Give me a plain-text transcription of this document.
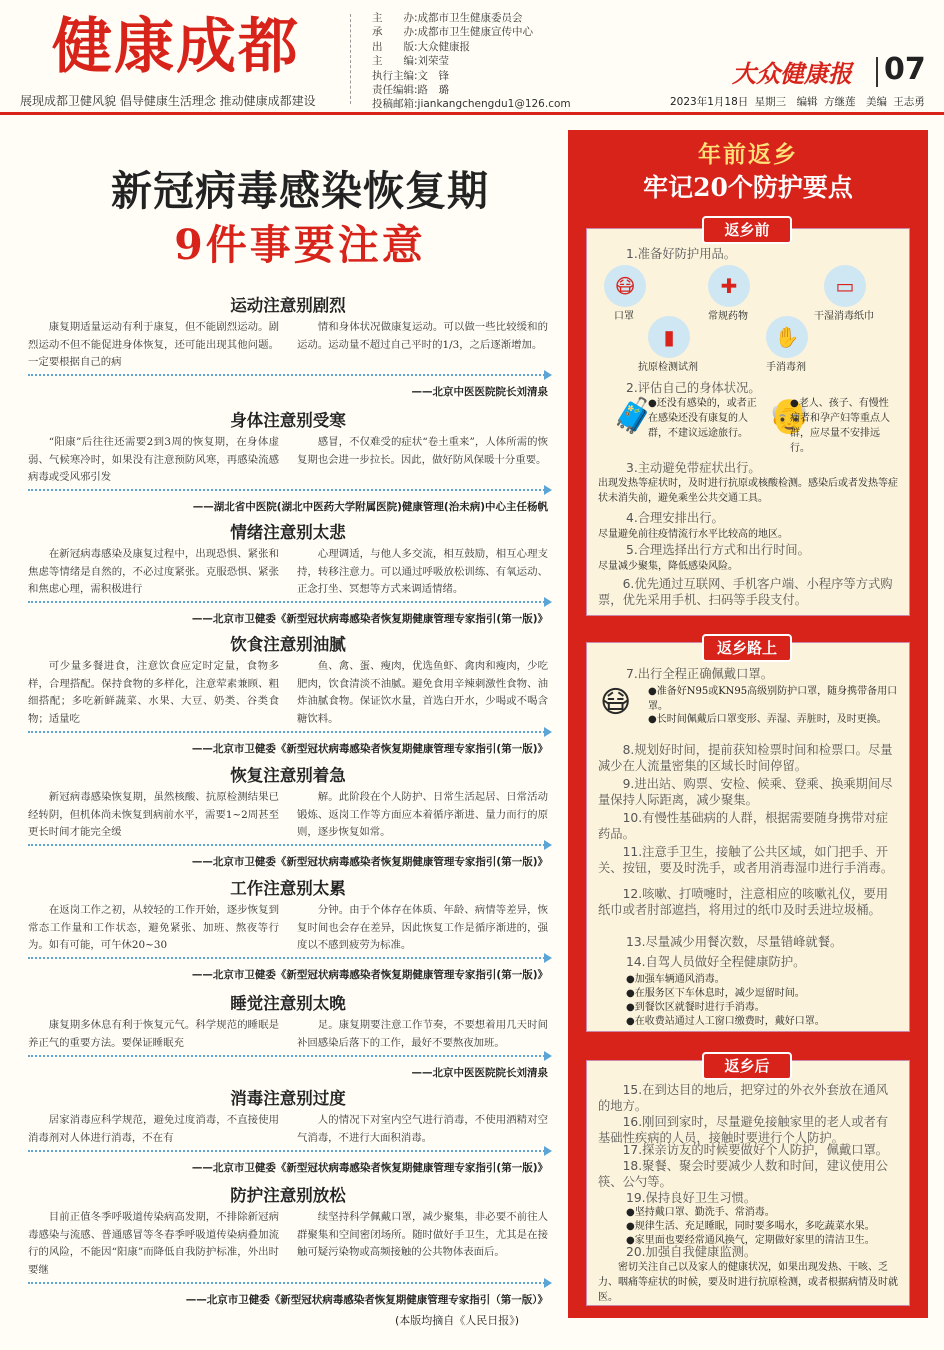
健康成都
展现成都卫健风貌 倡导健康生活理念 推动健康成都建设
主　　办:成都市卫生健康委员会
承　　办:成都市卫生健康宣传中心
出　　版:大众健康报
主　　编:刘荣莹
执行主编:文　锋
责任编辑:路　璐
投稿邮箱:jiankangchengdu1@126.com
大众健康报 07
2023年1月18日 星期三　编辑 方继莲　美编 王志勇
新冠病毒感染恢复期
9件事要注意
运动注意别剧烈

康复期适量运动有利于康复，但不能剧烈运动。剧烈运动不但不能促进身体恢复，还可能出现其他问题。一定要根据自己的病

情和身体状况做康复运动。可以做一些比较缓和的运动。运动量不超过自己平时的1/3，之后逐渐增加。

——北京中医医院院长刘清泉
身体注意别受寒

“阳康”后往往还需要2到3周的恢复期，在身体虚弱、气候寒冷时，如果没有注意预防风寒，再感染流感病毒或受风邪引发

感冒，不仅难受的症状“卷土重来”，人体所需的恢复期也会进一步拉长。因此，做好防风保暖十分重要。

——湖北省中医院(湖北中医药大学附属医院)健康管理(治未病)中心主任杨帆
情绪注意别太悲

在新冠病毒感染及康复过程中，出现恐惧、紧张和焦虑等情绪是自然的，不必过度紧张。克服恐惧、紧张和焦虑心理，需积极进行

心理调适，与他人多交流，相互鼓励，相互心理支持，转移注意力。可以通过呼吸放松训练、有氧运动、正念打坐、冥想等方式来调适情绪。

——北京市卫健委《新型冠状病毒感染者恢复期健康管理专家指引(第一版)》
饮食注意别油腻

可少量多餐进食，注意饮食应定时定量，食物多样，合理搭配。保持食物的多样化，注意荤素兼顾、粗细搭配；多吃新鲜蔬菜、水果、大豆、奶类、谷类食物；适量吃

鱼、禽、蛋、瘦肉，优选鱼虾、禽肉和瘦肉，少吃肥肉，饮食清淡不油腻。避免食用辛辣刺激性食物、油炸油腻食物。保证饮水量，首选白开水，少喝或不喝含糖饮料。

——北京市卫健委《新型冠状病毒感染者恢复期健康管理专家指引(第一版)》
恢复注意别着急

新冠病毒感染恢复期，虽然核酸、抗原检测结果已经转阴，但机体尚未恢复到病前水平，需要1~2周甚至更长时间才能完全缓

解。此阶段在个人防护、日常生活起居、日常活动锻炼、返岗工作等方面应本着循序渐进、量力而行的原则，逐步恢复如常。

——北京市卫健委《新型冠状病毒感染者恢复期健康管理专家指引(第一版)》
工作注意别太累

在返岗工作之初，从较轻的工作开始，逐步恢复到常态工作量和工作状态，避免紧张、加班、熬夜等行为。如有可能，可午休20~30

分钟。由于个体存在体质、年龄、病情等差异，恢复时间也会存在差异，因此恢复工作是循序渐进的，强度以不感到疲劳为标准。

——北京市卫健委《新型冠状病毒感染者恢复期健康管理专家指引(第一版)》
睡觉注意别太晚

康复期多休息有利于恢复元气。科学规范的睡眠是养正气的重要方法。要保证睡眠充

足。康复期要注意工作节奏，不要想着用几天时间补回感染后落下的工作，最好不要熬夜加班。

——北京中医医院院长刘清泉
消毒注意别过度

居家消毒应科学规范，避免过度消毒，不直接使用消毒剂对人体进行消毒，不在有

人的情况下对室内空气进行消毒，不使用酒精对空气消毒，不进行大面积消毒。

——北京市卫健委《新型冠状病毒感染者恢复期健康管理专家指引(第一版)》
防护注意别放松

目前正值冬季呼吸道传染病高发期，不排除新冠病毒感染与流感、普通感冒等冬春季呼吸道传染病叠加流行的风险，不能因“阳康”而降低自我防护标准，外出时要继

续坚持科学佩戴口罩，减少聚集，非必要不前往人群聚集和空间密闭场所。随时做好手卫生，尤其是在接触可疑污染物或高频接触的公共物体表面后。

——北京市卫健委《新型冠状病毒感染者恢复期健康管理专家指引（第一版）》
(本版均摘自《人民日报》)
年前返乡
牢记20个防护要点
返乡前
1.准备好防护用品。
😷
口罩
✚
常规药物
▭
干湿消毒纸巾
▮
抗原检测试剂
✋
手消毒剂
2.评估自己的身体状况。
🧳
●还没有感染的，或者正在感染还没有康复的人群，不建议远途旅行。 👴
●老人、孩子、有慢性病者和孕产妇等重点人群，应尽量不安排远行。
3.主动避免带症状出行。
出现发热等症状时，及时进行抗原或核酸检测。感染后或者发热等症状未消失前，避免乘坐公共交通工具。
4.合理安排出行。
尽量避免前往疫情流行水平比较高的地区。
5.合理选择出行方式和出行时间。
尽量减少聚集，降低感染风险。
6.优先通过互联网、手机客户端、小程序等方式购票，优先采用手机、扫码等手段支付。
返乡路上
7.出行全程正确佩戴口罩。
😷 ●准备好N95或KN95高级别防护口罩，随身携带备用口罩。
●长时间佩戴后口罩变形、弄湿、弄脏时，及时更换。
8.规划好时间，提前获知检票时间和检票口。尽量减少在人流量密集的区域长时间停留。
9.进出站、购票、安检、候乘、登乘、换乘期间尽量保持人际距离，减少聚集。
10.有慢性基础病的人群，根据需要随身携带对症药品。
11.注意手卫生，接触了公共区域，如门把手、开关、按钮，要及时洗手，或者用消毒湿巾进行手消毒。
12.咳嗽、打喷嚏时，注意相应的咳嗽礼仪，要用纸巾或者肘部遮挡，将用过的纸巾及时丢进垃圾桶。
13.尽量减少用餐次数，尽量错峰就餐。
14.自驾人员做好全程健康防护。
●加强车辆通风消毒。
●在服务区下车休息时，减少逗留时间。
●到餐饮区就餐时进行手消毒。
●在收费站通过人工窗口缴费时，戴好口罩。
返乡后
15.在到达目的地后，把穿过的外衣外套放在通风的地方。
16.刚回到家时，尽量避免接触家里的老人或者有基础性疾病的人员，接触时要进行个人防护。
17.探亲访友的时候要做好个人防护，佩戴口罩。
18.聚餐、聚会时要减少人数和时间，建议使用公筷、公勺等。
19.保持良好卫生习惯。
●坚持戴口罩、勤洗手、常消毒。
●规律生活、充足睡眠，同时要多喝水，多吃蔬菜水果。
●家里面也要经常通风换气，定期做好家里的清洁卫生。
20.加强自我健康监测。
密切关注自己以及家人的健康状况，如果出现发热、干咳、乏力、咽痛等症状的时候，要及时进行抗原检测，或者根据病情及时就医。
